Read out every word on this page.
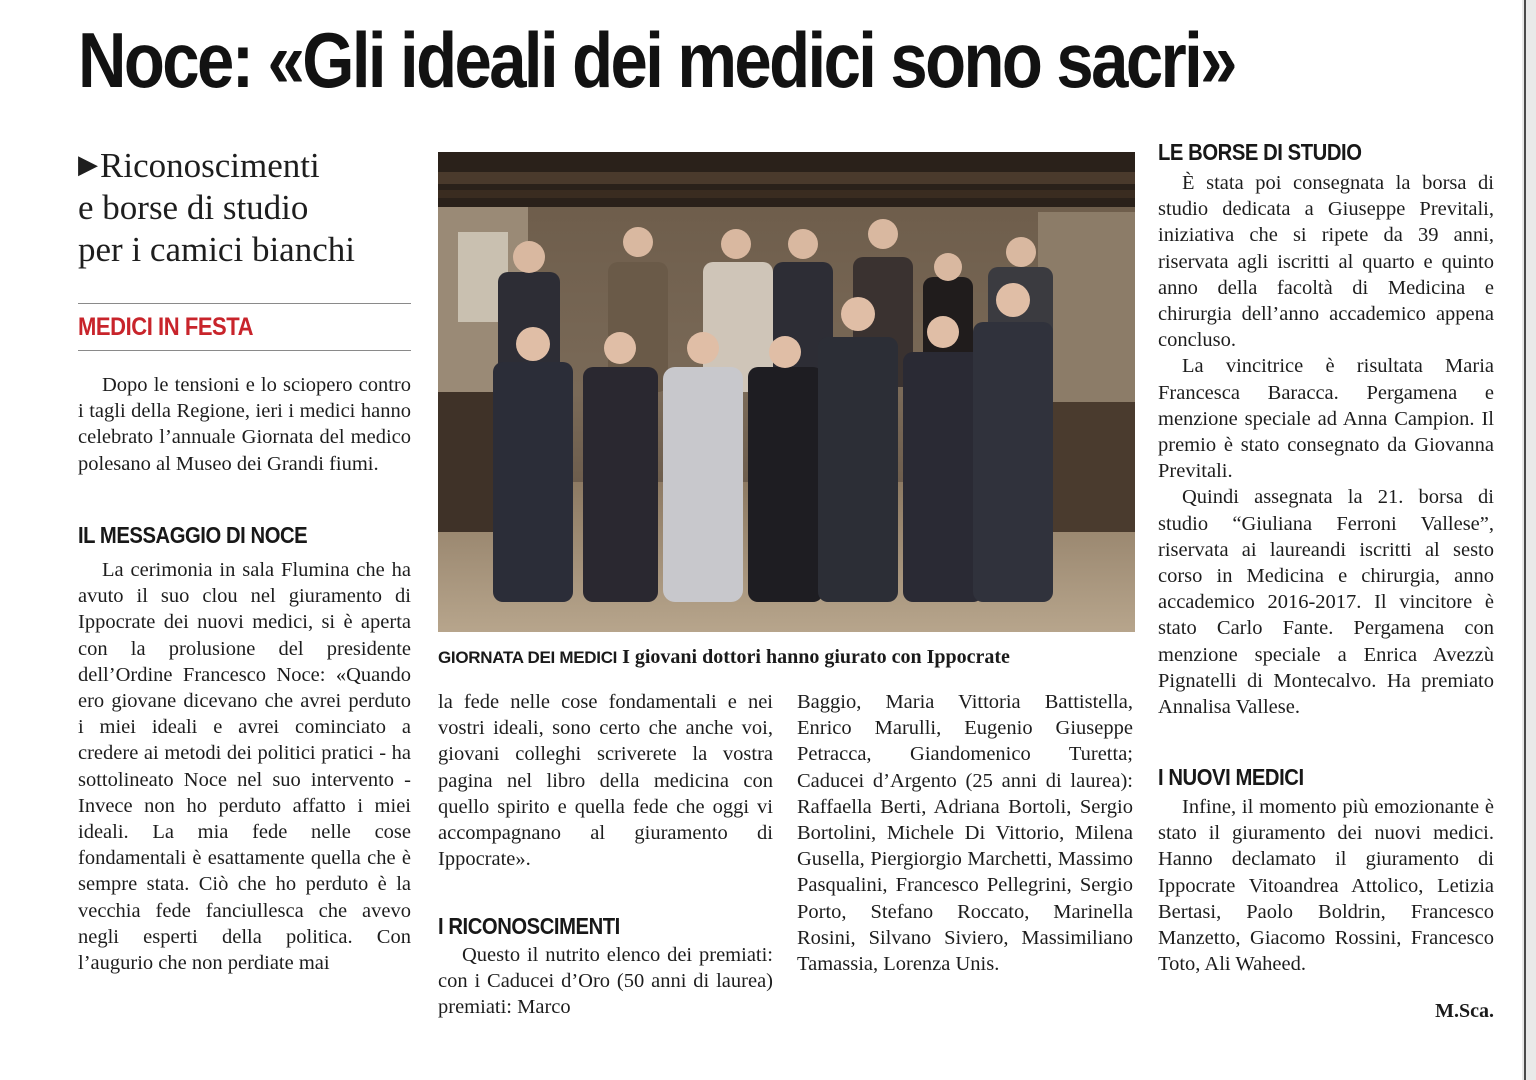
Noce: «Gli ideali dei medici sono sacri»
▶Riconoscimenti
e borse di studio
per i camici bianchi
MEDICI IN FESTA

Dopo le tensioni e lo sciopero contro i tagli della Regione, ieri i medici hanno celebrato l’annuale Giornata del medico polesano al Museo dei Grandi fiumi.

IL MESSAGGIO DI NOCE

La cerimonia in sala Flumina che ha avuto il suo clou nel giuramento di Ippocrate dei nuovi medici, si è aperta con la prolusione del presidente dell’Ordine Francesco Noce: «Quando ero giovane dicevano che avrei perduto i miei ideali e avrei cominciato a credere ai metodi dei politici pratici - ha sottolineato Noce nel suo intervento - Invece non ho perduto affatto i miei ideali. La mia fede nelle cose fondamentali è esattamente quella che è sempre stata. Ciò che ho perduto è la vecchia fede fanciullesca che avevo negli esperti della politica. Con l’augurio che non perdiate mai

GIORNATA DEI MEDICI I giovani dottori hanno giurato con Ippocrate

la fede nelle cose fondamentali e nei vostri ideali, sono certo che anche voi, giovani colleghi scriverete la vostra pagina nel libro della medicina con quello spirito e quella fede che oggi vi accompagnano al giuramento di Ippocrate».

I RICONOSCIMENTI

Questo il nutrito elenco dei premiati: con i Caducei d’Oro (50 anni di laurea) premiati: Marco

Baggio, Maria Vittoria Battistella, Enrico Marulli, Eugenio Giuseppe Petracca, Giandomenico Turetta; Caducei d’Argento (25 anni di laurea): Raffaella Berti, Adriana Bortoli, Sergio Bortolini, Michele Di Vittorio, Milena Gusella, Piergiorgio Marchetti, Massimo Pasqualini, Francesco Pellegrini, Sergio Porto, Stefano Roccato, Marinella Rosini, Silvano Siviero, Massimiliano Tamassia, Lorenza Unis.

LE BORSE DI STUDIO

È stata poi consegnata la borsa di studio dedicata a Giuseppe Previtali, iniziativa che si ripete da 39 anni, riservata agli iscritti al quarto e quinto anno della facoltà di Medicina e chirurgia dell’anno accademico appena concluso.

La vincitrice è risultata Maria Francesca Baracca. Pergamena e menzione speciale ad Anna Campion. Il premio è stato consegnato da Giovanna Previtali.

Quindi assegnata la 21. borsa di studio “Giuliana Ferroni Vallese”, riservata ai laureandi iscritti al sesto corso in Medicina e chirurgia, anno accademico 2016-2017. Il vincitore è stato Carlo Fante. Pergamena con menzione speciale a Enrica Avezzù Pignatelli di Montecalvo. Ha premiato Annalisa Vallese.

I NUOVI MEDICI

Infine, il momento più emozionante è stato il giuramento dei nuovi medici. Hanno declamato il giuramento di Ippocrate Vitoandrea Attolico, Letizia Bertasi, Paolo Boldrin, Francesco Manzetto, Giacomo Rossini, Francesco Toto, Ali Waheed.

M.Sca.
